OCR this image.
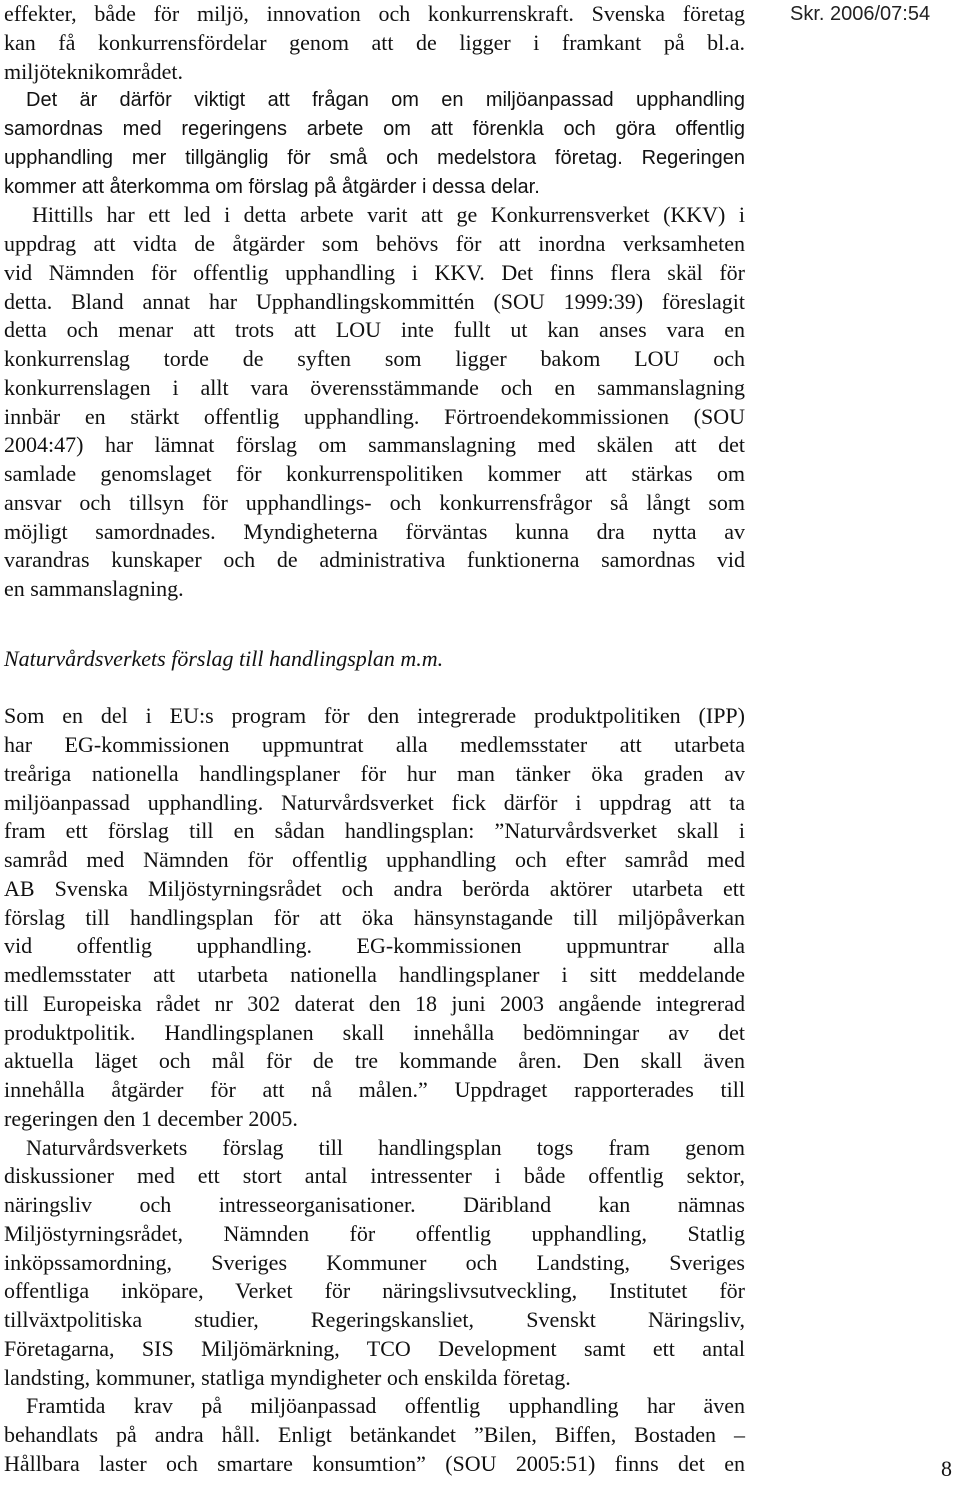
Skr. 2006/07:54
effekter, både för miljö, innovation och konkurrenskraft. Svenska företag
kan få konkurrensfördelar genom att de ligger i framkant på bl.a.
miljöteknikområdet.
Det är därför viktigt att frågan om en miljöanpassad upphandling
samordnas med regeringens arbete om att förenkla och göra offentlig
upphandling mer tillgänglig för små och medelstora företag. Regeringen
kommer att återkomma om förslag på åtgärder i dessa delar.
Hittills har ett led i detta arbete varit att ge Konkurrensverket (KKV) i
uppdrag att vidta de åtgärder som behövs för att inordna verksamheten
vid Nämnden för offentlig upphandling i KKV. Det finns flera skäl för
detta. Bland annat har Upphandlingskommittén (SOU 1999:39) föreslagit
detta och menar att trots att LOU inte fullt ut kan anses vara en
konkurrenslag torde de syften som ligger bakom LOU och
konkurrenslagen i allt vara överensstämmande och en sammanslagning
innbär en stärkt offentlig upphandling. Förtroendekommissionen (SOU
2004:47) har lämnat förslag om sammanslagning med skälen att det
samlade genomslaget för konkurrenspolitiken kommer att stärkas om
ansvar och tillsyn för upphandlings- och konkurrensfrågor så långt som
möjligt samordnades. Myndigheterna förväntas kunna dra nytta av
varandras kunskaper och de administrativa funktionerna samordnas vid
en sammanslagning.
Naturvårdsverkets förslag till handlingsplan m.m.
Som en del i EU:s program för den integrerade produktpolitiken (IPP)
har EG-kommissionen uppmuntrat alla medlemsstater att utarbeta
treåriga nationella handlingsplaner för hur man tänker öka graden av
miljöanpassad upphandling. Naturvårdsverket fick därför i uppdrag att ta
fram ett förslag till en sådan handlingsplan: ”Naturvårdsverket skall i
samråd med Nämnden för offentlig upphandling och efter samråd med
AB Svenska Miljöstyrningsrådet och andra berörda aktörer utarbeta ett
förslag till handlingsplan för att öka hänsynstagande till miljöpåverkan
vid offentlig upphandling. EG-kommissionen uppmuntrar alla
medlemsstater att utarbeta nationella handlingsplaner i sitt meddelande
till Europeiska rådet nr 302 daterat den 18 juni 2003 angående integrerad
produktpolitik. Handlingsplanen skall innehålla bedömningar av det
aktuella läget och mål för de tre kommande åren. Den skall även
innehålla åtgärder för att nå målen.” Uppdraget rapporterades till
regeringen den 1 december 2005.
Naturvårdsverkets förslag till handlingsplan togs fram genom
diskussioner med ett stort antal intressenter i både offentlig sektor,
näringsliv och intresseorganisationer. Däribland kan nämnas
Miljöstyrningsrådet, Nämnden för offentlig upphandling, Statlig
inköpssamordning, Sveriges Kommuner och Landsting, Sveriges
offentliga inköpare, Verket för näringslivsutveckling, Institutet för
tillväxtpolitiska studier, Regeringskansliet, Svenskt Näringsliv,
Företagarna, SIS Miljömärkning, TCO Development samt ett antal
landsting, kommuner, statliga myndigheter och enskilda företag.
Framtida krav på miljöanpassad offentlig upphandling har även
behandlats på andra håll. Enligt betänkandet ”Bilen, Biffen, Bostaden –
Hållbara laster och smartare konsumtion” (SOU 2005:51) finns det en	8
